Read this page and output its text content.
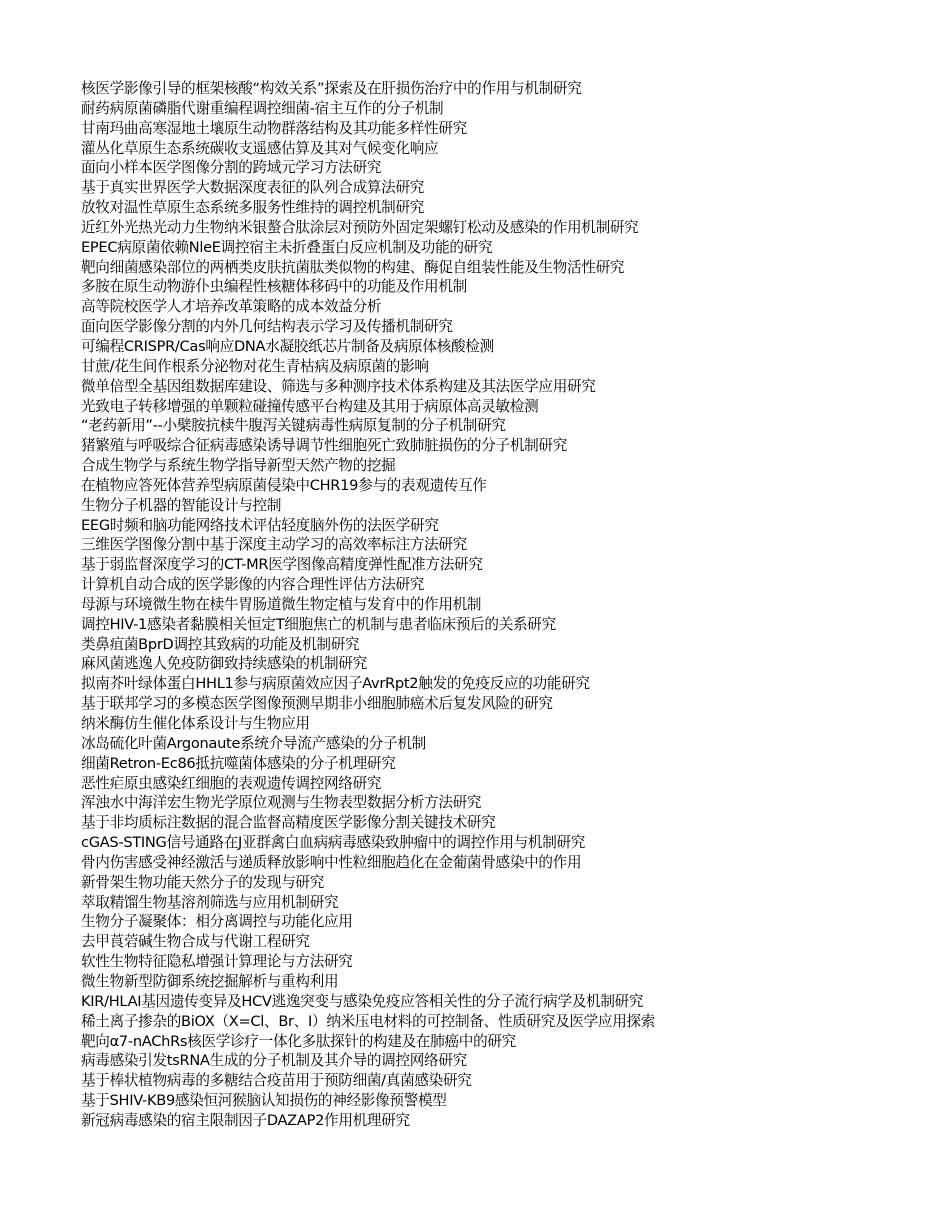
核医学影像引导的框架核酸“构效关系”探索及在肝损伤治疗中的作用与机制研究
耐药病原菌磷脂代谢重编程调控细菌-宿主互作的分子机制
甘南玛曲高寒湿地土壤原生动物群落结构及其功能多样性研究
灌丛化草原生态系统碳收支遥感估算及其对气候变化响应
面向小样本医学图像分割的跨域元学习方法研究
基于真实世界医学大数据深度表征的队列合成算法研究
放牧对温性草原生态系统多服务性维持的调控机制研究
近红外光热光动力生物纳米银螯合肽涂层对预防外固定架螺钉松动及感染的作用机制研究
EPEC病原菌依赖NleE调控宿主未折叠蛋白反应机制及功能的研究
靶向细菌感染部位的两栖类皮肤抗菌肽类似物的构建、酶促自组装性能及生物活性研究
多胺在原生动物游仆虫编程性核糖体移码中的功能及作用机制
高等院校医学人才培养改革策略的成本效益分析
面向医学影像分割的内外几何结构表示学习及传播机制研究
可编程CRISPR/Cas响应DNA水凝胶纸芯片制备及病原体核酸检测
甘蔗/花生间作根系分泌物对花生青枯病及病原菌的影响
微单倍型全基因组数据库建设、筛选与多种测序技术体系构建及其法医学应用研究
光致电子转移增强的单颗粒碰撞传感平台构建及其用于病原体高灵敏检测
“老药新用”--小檗胺抗椟牛腹泻关键病毒性病原复制的分子机制研究
猪繁殖与呼吸综合征病毒感染诱导调节性细胞死亡致肺脏损伤的分子机制研究
合成生物学与系统生物学指导新型天然产物的挖掘
在植物应答死体营养型病原菌侵染中CHR19参与的表观遗传互作
生物分子机器的智能设计与控制
EEG时频和脑功能网络技术评估轻度脑外伤的法医学研究
三维医学图像分割中基于深度主动学习的高效率标注方法研究
基于弱监督深度学习的CT-MR医学图像高精度弹性配准方法研究
计算机自动合成的医学影像的内容合理性评估方法研究
母源与环境微生物在椟牛胃肠道微生物定植与发育中的作用机制
调控HIV-1感染者黏膜相关恒定T细胞焦亡的机制与患者临床预后的关系研究
类鼻疽菌BprD调控其致病的功能及机制研究
麻风菌逃逸人免疫防御致持续感染的机制研究
拟南芥叶绿体蛋白HHL1参与病原菌效应因子AvrRpt2触发的免疫反应的功能研究
基于联邦学习的多模态医学图像预测早期非小细胞肺癌术后复发风险的研究
纳米酶仿生催化体系设计与生物应用
冰岛硫化叶菌Argonaute系统介导流产感染的分子机制
细菌Retron-Ec86抵抗噬菌体感染的分子机理研究
恶性疟原虫感染红细胞的表观遗传调控网络研究
浑浊水中海洋宏生物光学原位观测与生物表型数据分析方法研究
基于非均质标注数据的混合监督高精度医学影像分割关键技术研究
cGAS-STING信号通路在J亚群禽白血病病毒感染致肿瘤中的调控作用与机制研究
骨内伤害感受神经激活与递质释放影响中性粒细胞趋化在金葡菌骨感染中的作用
新骨架生物功能天然分子的发现与研究
萃取精馏生物基溶剂筛选与应用机制研究
生物分子凝聚体：相分离调控与功能化应用
去甲莨菪碱生物合成与代谢工程研究
软性生物特征隐私增强计算理论与方法研究
微生物新型防御系统挖掘解析与重构利用
KIR/HLAI基因遗传变异及HCV逃逸突变与感染免疫应答相关性的分子流行病学及机制研究
稀土离子掺杂的BiOX（X=Cl、Br、I）纳米压电材料的可控制备、性质研究及医学应用探索
靶向α7-nAChRs核医学诊疗一体化多肽探针的构建及在肺癌中的研究
病毒感染引发tsRNA生成的分子机制及其介导的调控网络研究
基于棒状植物病毒的多糖结合疫苗用于预防细菌/真菌感染研究
基于SHIV-KB9感染恒河猴脑认知损伤的神经影像预警模型
新冠病毒感染的宿主限制因子DAZAP2作用机理研究
